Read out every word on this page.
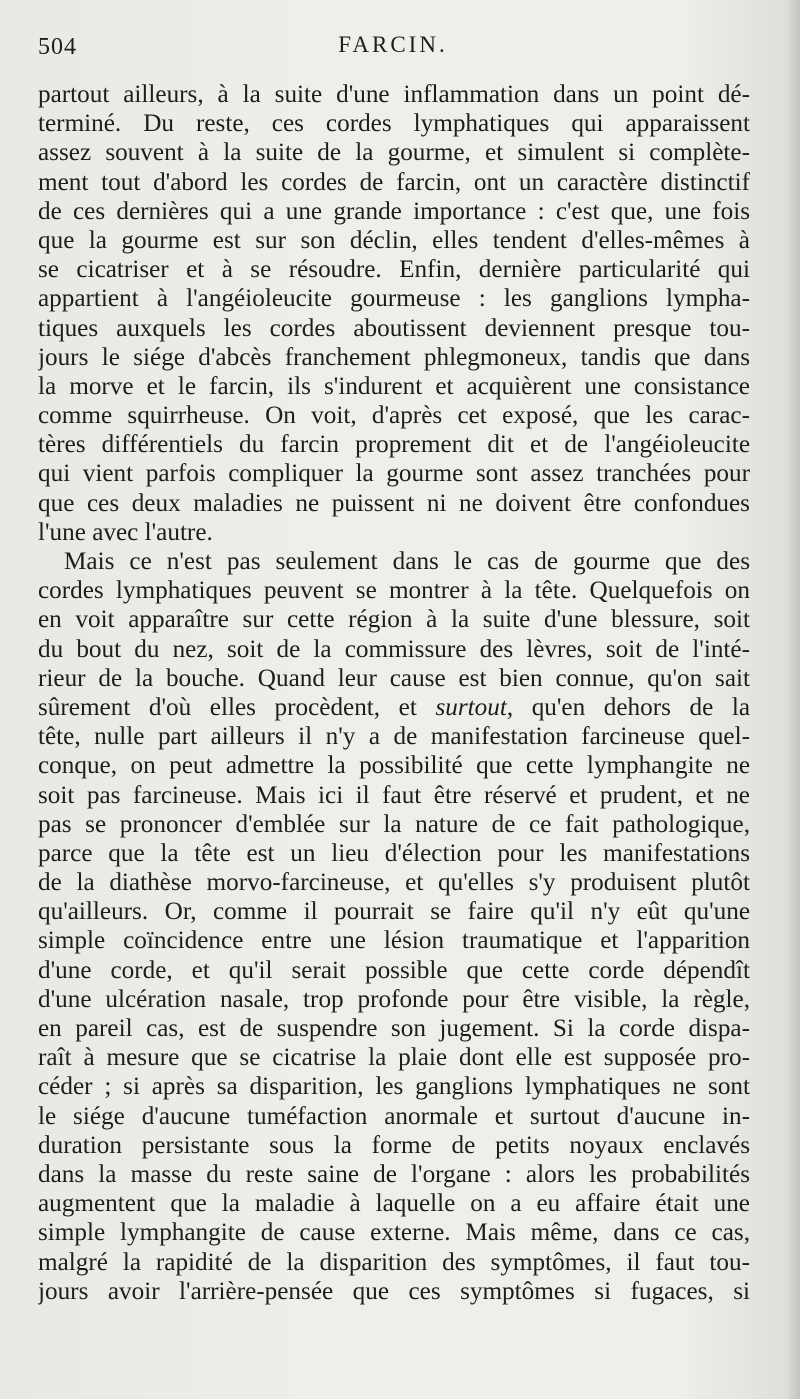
504	FARCIN.
partout ailleurs, à la suite d'une inflammation dans un point dé-
terminé. Du reste, ces cordes lymphatiques qui apparaissent
assez souvent à la suite de la gourme, et simulent si complète-
ment tout d'abord les cordes de farcin, ont un caractère distinctif
de ces dernières qui a une grande importance : c'est que, une fois
que la gourme est sur son déclin, elles tendent d'elles-mêmes à
se cicatriser et à se résoudre. Enfin, dernière particularité qui
appartient à l'angéioleucite gourmeuse : les ganglions lympha-
tiques auxquels les cordes aboutissent deviennent presque tou-
jours le siége d'abcès franchement phlegmoneux, tandis que dans
la morve et le farcin, ils s'indurent et acquièrent une consistance
comme squirrheuse. On voit, d'après cet exposé, que les carac-
tères différentiels du farcin proprement dit et de l'angéioleucite
qui vient parfois compliquer la gourme sont assez tranchées pour
que ces deux maladies ne puissent ni ne doivent être confondues
l'une avec l'autre.
Mais ce n'est pas seulement dans le cas de gourme que des
cordes lymphatiques peuvent se montrer à la tête. Quelquefois on
en voit apparaître sur cette région à la suite d'une blessure, soit
du bout du nez, soit de la commissure des lèvres, soit de l'inté-
rieur de la bouche. Quand leur cause est bien connue, qu'on sait
sûrement d'où elles procèdent, et surtout, qu'en dehors de la
tête, nulle part ailleurs il n'y a de manifestation farcineuse quel-
conque, on peut admettre la possibilité que cette lymphangite ne
soit pas farcineuse. Mais ici il faut être réservé et prudent, et ne
pas se prononcer d'emblée sur la nature de ce fait pathologique,
parce que la tête est un lieu d'élection pour les manifestations
de la diathèse morvo-farcineuse, et qu'elles s'y produisent plutôt
qu'ailleurs. Or, comme il pourrait se faire qu'il n'y eût qu'une
simple coïncidence entre une lésion traumatique et l'apparition
d'une corde, et qu'il serait possible que cette corde dépendît
d'une ulcération nasale, trop profonde pour être visible, la règle,
en pareil cas, est de suspendre son jugement. Si la corde dispa-
raît à mesure que se cicatrise la plaie dont elle est supposée pro-
céder ; si après sa disparition, les ganglions lymphatiques ne sont
le siége d'aucune tuméfaction anormale et surtout d'aucune in-
duration persistante sous la forme de petits noyaux enclavés
dans la masse du reste saine de l'organe : alors les probabilités
augmentent que la maladie à laquelle on a eu affaire était une
simple lymphangite de cause externe. Mais même, dans ce cas,
malgré la rapidité de la disparition des symptômes, il faut tou-
jours avoir l'arrière-pensée que ces symptômes si fugaces, si
